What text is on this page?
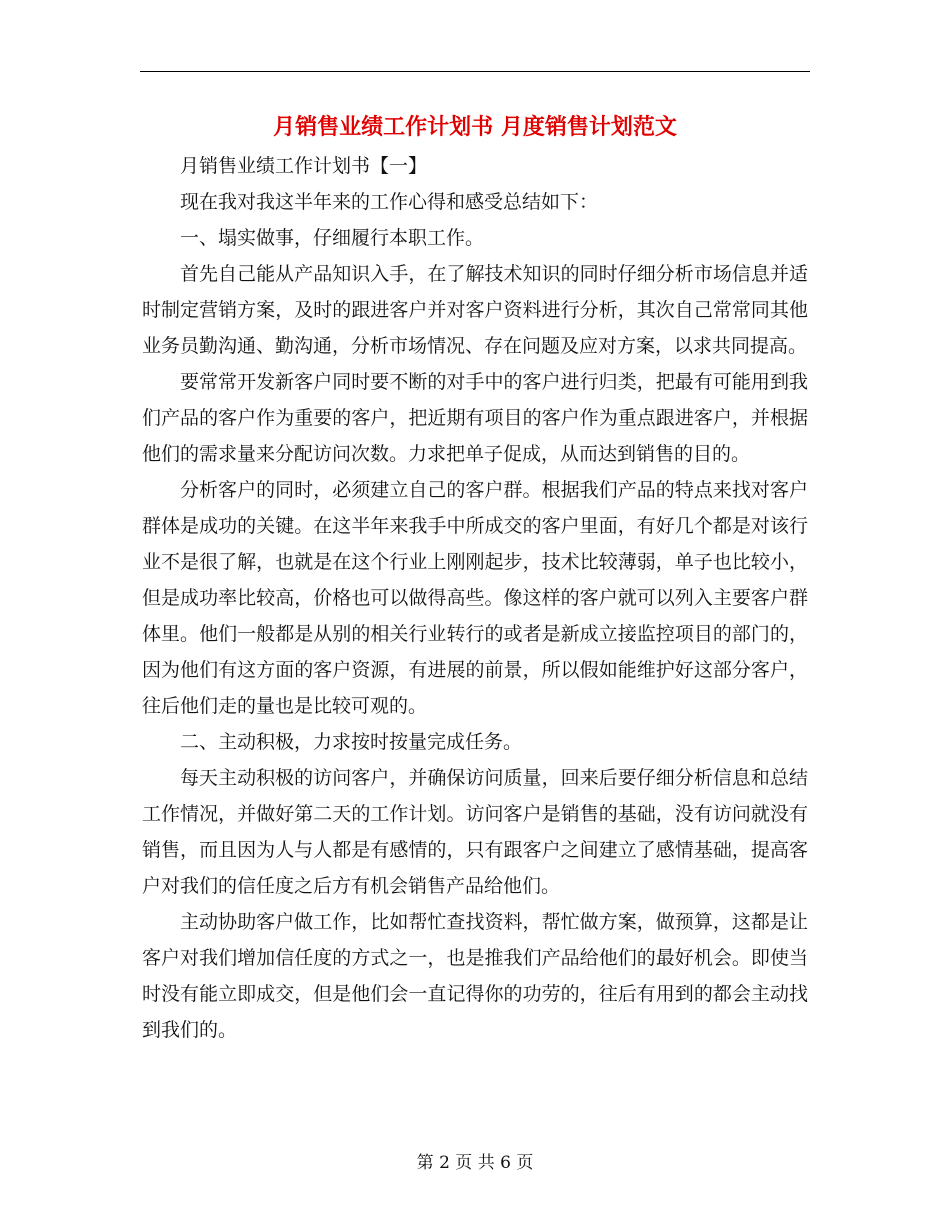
月销售业绩工作计划书 月度销售计划范文

月销售业绩工作计划书【一】

现在我对我这半年来的工作心得和感受总结如下：

一、塌实做事，仔细履行本职工作。

首先自己能从产品知识入手，在了解技术知识的同时仔细分析市场信息并适时制定营销方案，及时的跟进客户并对客户资料进行分析，其次自己常常同其他业务员勤沟通、勤沟通，分析市场情况、存在问题及应对方案，以求共同提高。

要常常开发新客户同时要不断的对手中的客户进行归类，把最有可能用到我们产品的客户作为重要的客户，把近期有项目的客户作为重点跟进客户，并根据他们的需求量来分配访问次数。力求把单子促成，从而达到销售的目的。

分析客户的同时，必须建立自己的客户群。根据我们产品的特点来找对客户群体是成功的关键。在这半年来我手中所成交的客户里面，有好几个都是对该行业不是很了解，也就是在这个行业上刚刚起步，技术比较薄弱，单子也比较小，但是成功率比较高，价格也可以做得高些。像这样的客户就可以列入主要客户群体里。他们一般都是从别的相关行业转行的或者是新成立接监控项目的部门的，因为他们有这方面的客户资源，有进展的前景，所以假如能维护好这部分客户，往后他们走的量也是比较可观的。

二、主动积极，力求按时按量完成任务。

每天主动积极的访问客户，并确保访问质量，回来后要仔细分析信息和总结工作情况，并做好第二天的工作计划。访问客户是销售的基础，没有访问就没有销售，而且因为人与人都是有感情的，只有跟客户之间建立了感情基础，提高客户对我们的信任度之后方有机会销售产品给他们。

主动协助客户做工作，比如帮忙查找资料，帮忙做方案，做预算，这都是让客户对我们增加信任度的方式之一，也是推我们产品给他们的最好机会。即使当时没有能立即成交，但是他们会一直记得你的功劳的，往后有用到的都会主动找到我们的。

第 2 页 共 6 页
